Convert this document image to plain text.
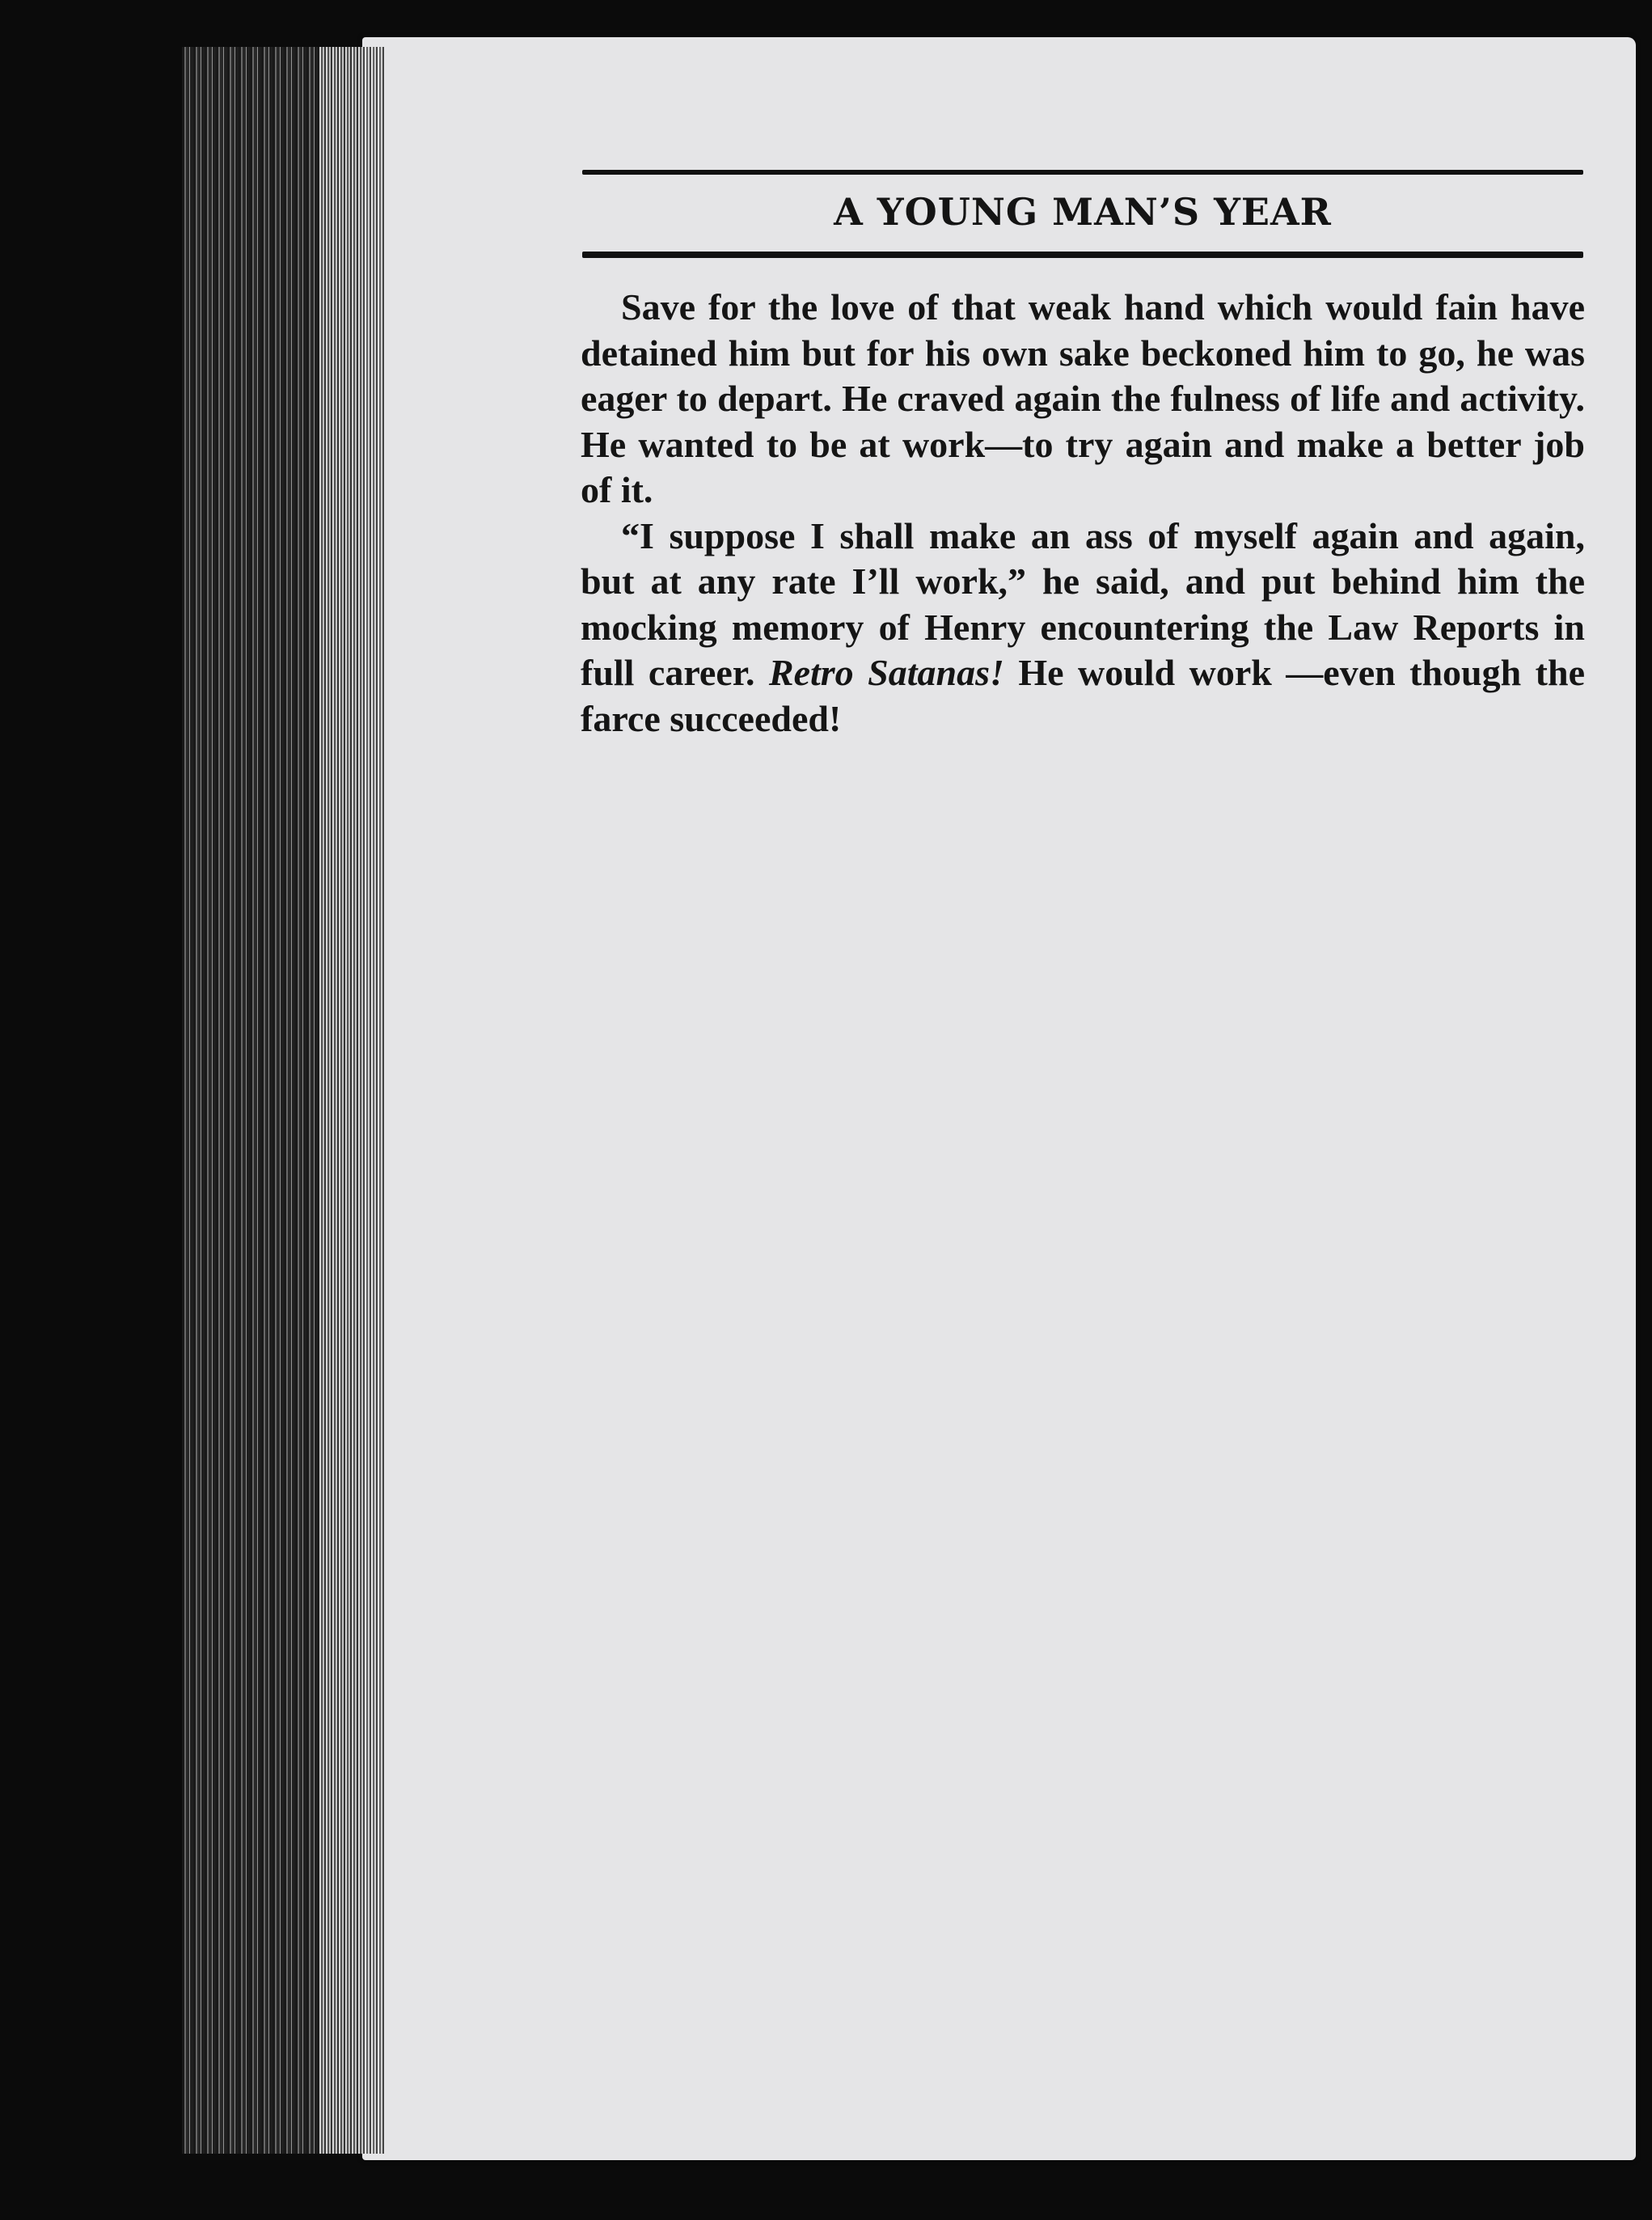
A YOUNG MAN’S YEAR

Save for the love of that weak hand which would fain have detained him but for his own sake beckoned him to go, he was eager to depart. He craved again the fulness of life and activity. He wanted to be at work—to try again and make a better job of it.

“I suppose I shall make an ass of myself again and again, but at any rate I’ll work,” he said, and put behind him the mocking memory of Henry encountering the Law Reports in full career. Retro Satanas! He would work —even though the farce succeeded!
